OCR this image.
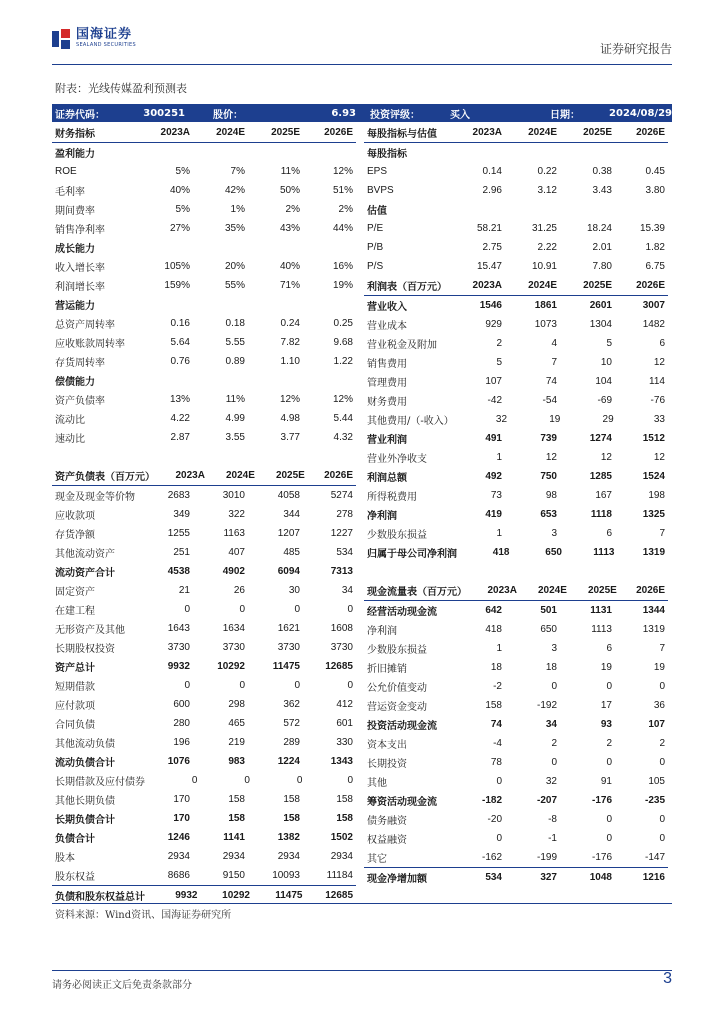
国海证券
SEALAND SECURITIES	证券研究报告
附表：光线传媒盈利预测表
证券代码：	300251	股价：	6.93	投资评级：	买入	日期：	2024/08/29
财务指标	2023A	2024E	2025E	2026E
盈利能力
ROE	5%	7%	11%	12%
毛利率	40%	42%	50%	51%
期间费率	5%	1%	2%	2%
销售净利率	27%	35%	43%	44%
成长能力
收入增长率	105%	20%	40%	16%
利润增长率	159%	55%	71%	19%
营运能力
总资产周转率	0.16	0.18	0.24	0.25
应收账款周转率	5.64	5.55	7.82	9.68
存货周转率	0.76	0.89	1.10	1.22
偿债能力
资产负债率	13%	11%	12%	12%
流动比	4.22	4.99	4.98	5.44
速动比	2.87	3.55	3.77	4.32
资产负债表（百万元）	2023A	2024E	2025E	2026E
现金及现金等价物	2683	3010	4058	5274
应收款项	349	322	344	278
存货净额	1255	1163	1207	1227
其他流动资产	251	407	485	534
流动资产合计	4538	4902	6094	7313
固定资产	21	26	30	34
在建工程	0	0	0	0
无形资产及其他	1643	1634	1621	1608
长期股权投资	3730	3730	3730	3730
资产总计	9932	10292	11475	12685
短期借款	0	0	0	0
应付款项	600	298	362	412
合同负债	280	465	572	601
其他流动负债	196	219	289	330
流动负债合计	1076	983	1224	1343
长期借款及应付债券	0	0	0	0
其他长期负债	170	158	158	158
长期负债合计	170	158	158	158
负债合计	1246	1141	1382	1502
股本	2934	2934	2934	2934
股东权益	8686	9150	10093	11184
负债和股东权益总计	9932	10292	11475	12685
每股指标与估值	2023A	2024E	2025E	2026E
每股指标
EPS	0.14	0.22	0.38	0.45
BVPS	2.96	3.12	3.43	3.80
估值
P/E	58.21	31.25	18.24	15.39
P/B	2.75	2.22	2.01	1.82
P/S	15.47	10.91	7.80	6.75
利润表（百万元）	2023A	2024E	2025E	2026E
营业收入	1546	1861	2601	3007
营业成本	929	1073	1304	1482
营业税金及附加	2	4	5	6
销售费用	5	7	10	12
管理费用	107	74	104	114
财务费用	-42	-54	-69	-76
其他费用/（-收入）	32	19	29	33
营业利润	491	739	1274	1512
营业外净收支	1	12	12	12
利润总额	492	750	1285	1524
所得税费用	73	98	167	198
净利润	419	653	1118	1325
少数股东损益	1	3	6	7
归属于母公司净利润	418	650	1113	1319
现金流量表（百万元）	2023A	2024E	2025E	2026E
经营活动现金流	642	501	1131	1344
净利润	418	650	1113	1319
少数股东损益	1	3	6	7
折旧摊销	18	18	19	19
公允价值变动	-2	0	0	0
营运资金变动	158	-192	17	36
投资活动现金流	74	34	93	107
资本支出	-4	2	2	2
长期投资	78	0	0	0
其他	0	32	91	105
筹资活动现金流	-182	-207	-176	-235
债务融资	-20	-8	0	0
权益融资	0	-1	0	0
其它	-162	-199	-176	-147
现金净增加额	534	327	1048	1216
资料来源：Wind资讯、国海证券研究所
请务必阅读正文后免责条款部分	3
